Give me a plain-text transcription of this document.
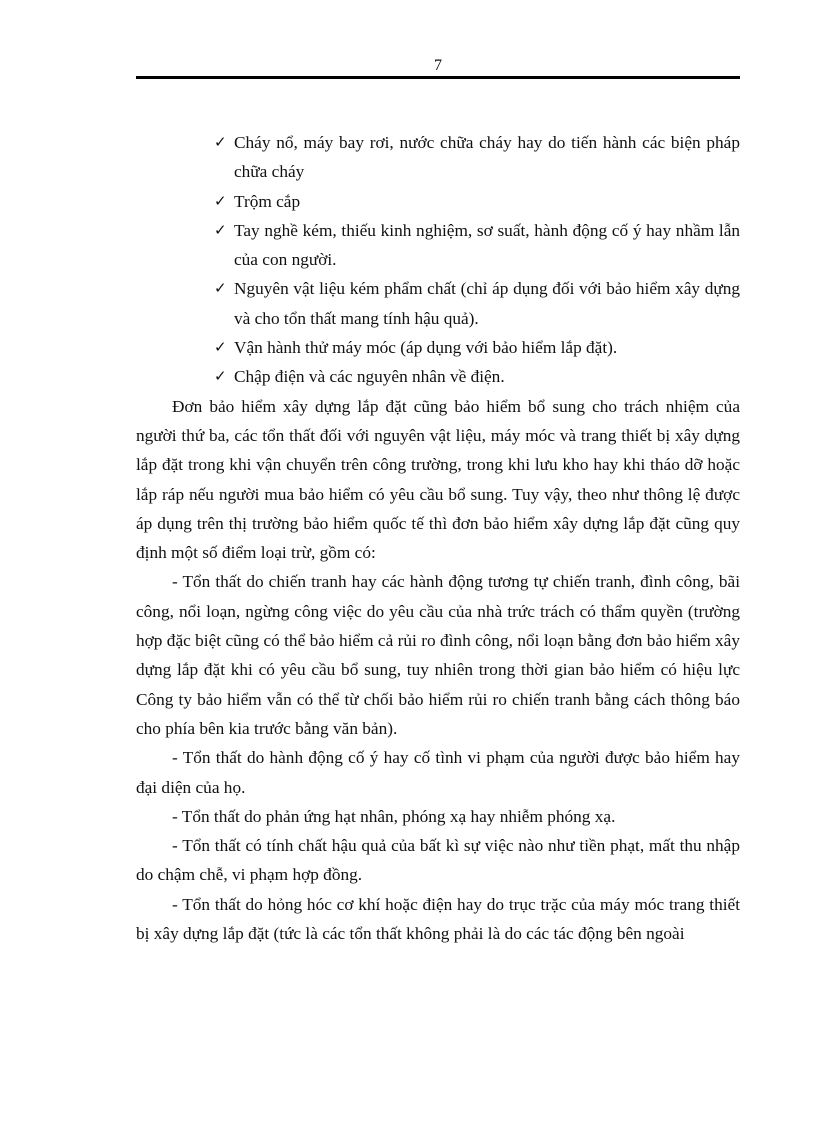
7
✓ Cháy nổ, máy bay rơi, nước chữa cháy hay do tiến hành các biện pháp chữa cháy
✓ Trộm cắp
✓ Tay nghề kém, thiếu kinh nghiệm, sơ suất, hành động cố ý hay nhầm lẫn của con người.
✓ Nguyên vật liệu kém phẩm chất (chỉ áp dụng đối với bảo hiểm xây dựng và cho tổn thất mang tính hậu quả).
✓ Vận hành thử máy móc (áp dụng với bảo hiểm lắp đặt).
✓ Chập điện và các nguyên nhân về điện.

Đơn bảo hiểm xây dựng lắp đặt cũng bảo hiểm bổ sung cho trách nhiệm của người thứ ba, các tổn thất đối với nguyên vật liệu, máy móc và trang thiết bị xây dựng lắp đặt trong khi vận chuyển trên công trường, trong khi lưu kho hay khi tháo dỡ hoặc lắp ráp nếu người mua bảo hiểm có yêu cầu bổ sung. Tuy vậy, theo như thông lệ được áp dụng trên thị trường bảo hiểm quốc tế thì đơn bảo hiểm xây dựng lắp đặt cũng quy định một số điểm loại trừ, gồm có:

- Tổn thất do chiến tranh hay các hành động tương tự chiến tranh, đình công, bãi công, nổi loạn, ngừng công việc do yêu cầu của nhà trức trách có thẩm quyền (trường hợp đặc biệt cũng có thể bảo hiểm cả rủi ro đình công, nổi loạn bằng đơn bảo hiểm xây dựng lắp đặt khi có yêu cầu bổ sung, tuy nhiên trong thời gian bảo hiểm có hiệu lực Công ty bảo hiểm vẫn có thể từ chối bảo hiểm rủi ro chiến tranh bằng cách thông báo cho phía bên kia trước bằng văn bản).

- Tổn thất do hành động cố ý hay cố tình vi phạm của người được bảo hiểm hay đại diện của họ.

- Tổn thất do phản ứng hạt nhân, phóng xạ hay nhiễm phóng xạ.

- Tổn thất có tính chất hậu quả của bất kì sự việc nào như tiền phạt, mất thu nhập do chậm chễ, vi phạm hợp đồng.

- Tổn thất do hỏng hóc cơ khí hoặc điện hay do trục trặc của máy móc trang thiết bị xây dựng lắp đặt (tức là các tổn thất không phải là do các tác động bên ngoài
